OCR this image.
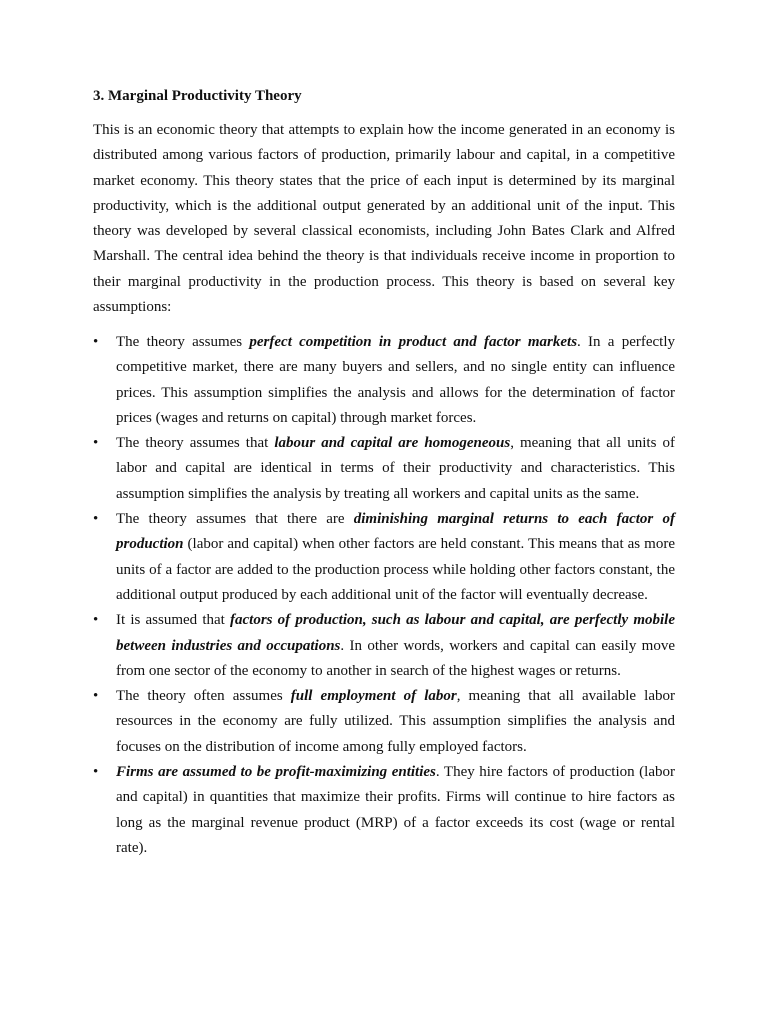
3. Marginal Productivity Theory

This is an economic theory that attempts to explain how the income generated in an economy is distributed among various factors of production, primarily labour and capital, in a competitive market economy. This theory states that the price of each input is determined by its marginal productivity, which is the additional output generated by an additional unit of the input. This theory was developed by several classical economists, including John Bates Clark and Alfred Marshall. The central idea behind the theory is that individuals receive income in proportion to their marginal productivity in the production process. This theory is based on several key assumptions:

•	The theory assumes perfect competition in product and factor markets. In a perfectly competitive market, there are many buyers and sellers, and no single entity can influence prices. This assumption simplifies the analysis and allows for the determination of factor prices (wages and returns on capital) through market forces.
•	The theory assumes that labour and capital are homogeneous, meaning that all units of labor and capital are identical in terms of their productivity and characteristics. This assumption simplifies the analysis by treating all workers and capital units as the same.
•	The theory assumes that there are diminishing marginal returns to each factor of production (labor and capital) when other factors are held constant. This means that as more units of a factor are added to the production process while holding other factors constant, the additional output produced by each additional unit of the factor will eventually decrease.
•	It is assumed that factors of production, such as labour and capital, are perfectly mobile between industries and occupations. In other words, workers and capital can easily move from one sector of the economy to another in search of the highest wages or returns.
•	The theory often assumes full employment of labor, meaning that all available labor resources in the economy are fully utilized. This assumption simplifies the analysis and focuses on the distribution of income among fully employed factors.
•	Firms are assumed to be profit-maximizing entities. They hire factors of production (labor and capital) in quantities that maximize their profits. Firms will continue to hire factors as long as the marginal revenue product (MRP) of a factor exceeds its cost (wage or rental rate).
